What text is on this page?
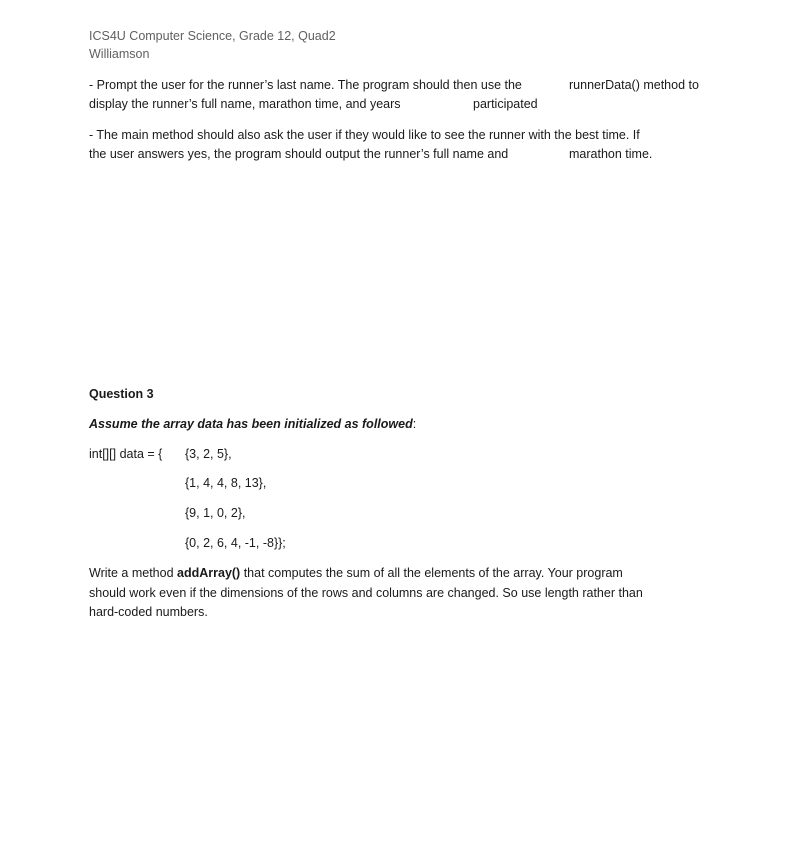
ICS4U Computer Science, Grade 12, Quad2
Williamson
- Prompt the user for the runner’s last name. The program should then use the	runnerData() method to
display the runner’s full name, marathon time, and years	participated
- The main method should also ask the user if they would like to see the runner with the best time. If
the user answers yes, the program should output the runner’s full name and	marathon time.
Question 3
Assume the array data has been initialized as followed:
int[][] data = { {3, 2, 5},
{1, 4, 4, 8, 13},
{9, 1, 0, 2},
{0, 2, 6, 4, -1, -8}};
Write a method addArray() that computes the sum of all the elements of the array. Your program
should work even if the dimensions of the rows and columns are changed. So use length rather than
hard-coded numbers.
